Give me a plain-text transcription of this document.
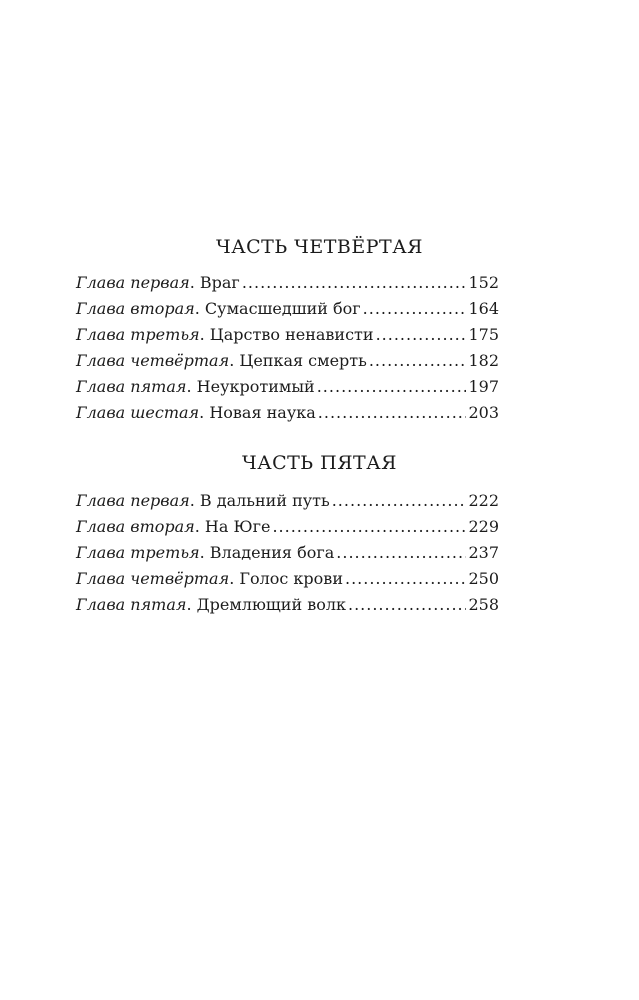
ЧАСТЬ ЧЕТВЁРТАЯ
Глава первая . Враг .....	152
Глава вторая . Сумасшедший бог .....	164
Глава третья . Царство ненависти .....	175
Глава четвёртая . Цепкая смерть .....	182
Глава пятая . Неукротимый .....	197
Глава шестая . Новая наука .....	203
ЧАСТЬ ПЯТАЯ
Глава первая . В дальний путь .....	222
Глава вторая . На Юге .....	229
Глава третья . Владения бога .....	237
Глава четвёртая . Голос крови .....	250
Глава пятая . Дремлющий волк .....	258
